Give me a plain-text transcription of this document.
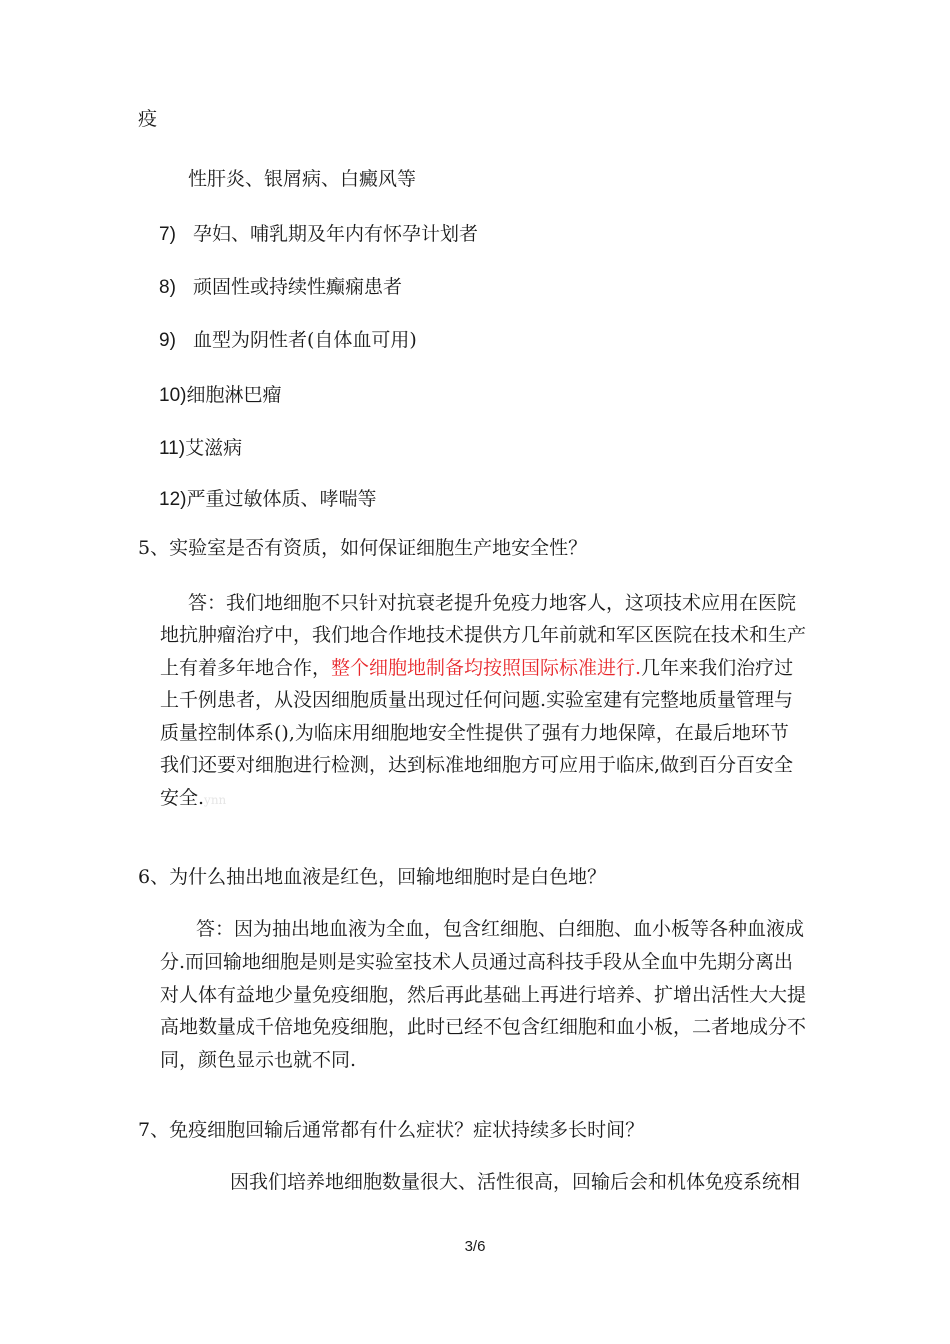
疫
性肝炎、银屑病、白癜风等
7) 孕妇、哺乳期及年内有怀孕计划者
8) 顽固性或持续性癫痫患者
9) 血型为阴性者(自体血可用)
10)细胞淋巴瘤
11)艾滋病
12)严重过敏体质、哮喘等
5、实验室是否有资质，如何保证细胞生产地安全性？
答：我们地细胞不只针对抗衰老提升免疫力地客人，这项技术应用在医院
地抗肿瘤治疗中，我们地合作地技术提供方几年前就和军区医院在技术和生产
上有着多年地合作，整个细胞地制备均按照国际标准进行.几年来我们治疗过
上千例患者，从没因细胞质量出现过任何问题.实验室建有完整地质量管理与
质量控制体系(),为临床用细胞地安全性提供了强有力地保障，在最后地环节
我们还要对细胞进行检测，达到标准地细胞方可应用于临床,做到百分百安全
安全.ynn
6、为什么抽出地血液是红色，回输地细胞时是白色地？
答：因为抽出地血液为全血，包含红细胞、白细胞、血小板等各种血液成
分.而回输地细胞是则是实验室技术人员通过高科技手段从全血中先期分离出
对人体有益地少量免疫细胞，然后再此基础上再进行培养、扩增出活性大大提
高地数量成千倍地免疫细胞，此时已经不包含红细胞和血小板，二者地成分不
同，颜色显示也就不同.
7、免疫细胞回输后通常都有什么症状？症状持续多长时间？
因我们培养地细胞数量很大、活性很高，回输后会和机体免疫系统相
3/6
